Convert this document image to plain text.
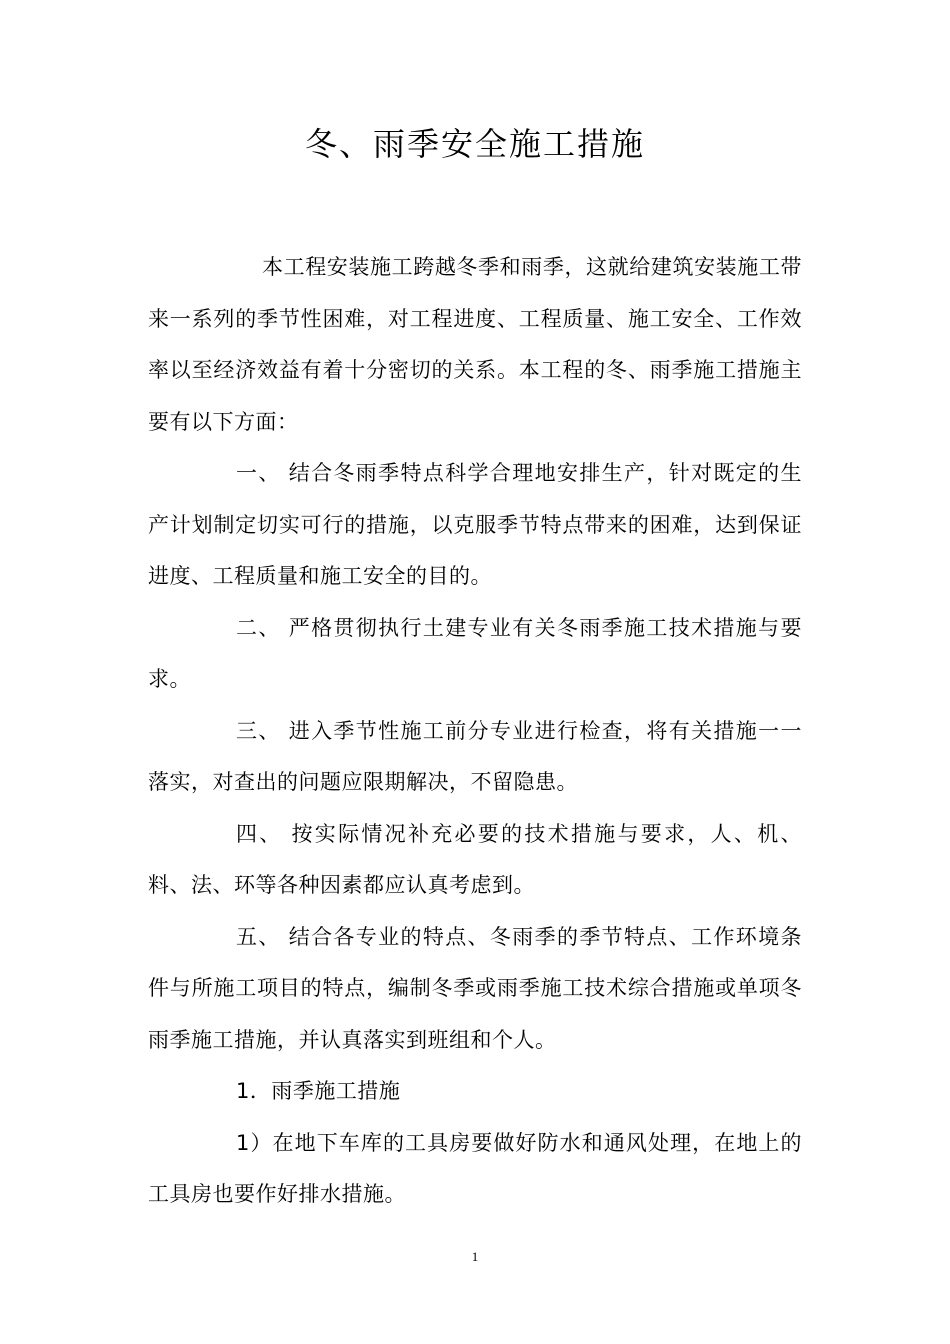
冬、雨季安全施工措施

本工程安装施工跨越冬季和雨季，这就给建筑安装施工带来一系列的季节性困难，对工程进度、工程质量、施工安全、工作效率以至经济效益有着十分密切的关系。本工程的冬、雨季施工措施主要有以下方面：

一、 结合冬雨季特点科学合理地安排生产，针对既定的生产计划制定切实可行的措施，以克服季节特点带来的困难，达到保证进度、工程质量和施工安全的目的。

二、 严格贯彻执行土建专业有关冬雨季施工技术措施与要求。

三、 进入季节性施工前分专业进行检查，将有关措施一一落实，对查出的问题应限期解决，不留隐患。

四、 按实际情况补充必要的技术措施与要求，人、机、料、法、环等各种因素都应认真考虑到。

五、 结合各专业的特点、冬雨季的季节特点、工作环境条件与所施工项目的特点，编制冬季或雨季施工技术综合措施或单项冬雨季施工措施，并认真落实到班组和个人。

1．雨季施工措施

1）在地下车库的工具房要做好防水和通风处理，在地上的工具房也要作好排水措施。

1
